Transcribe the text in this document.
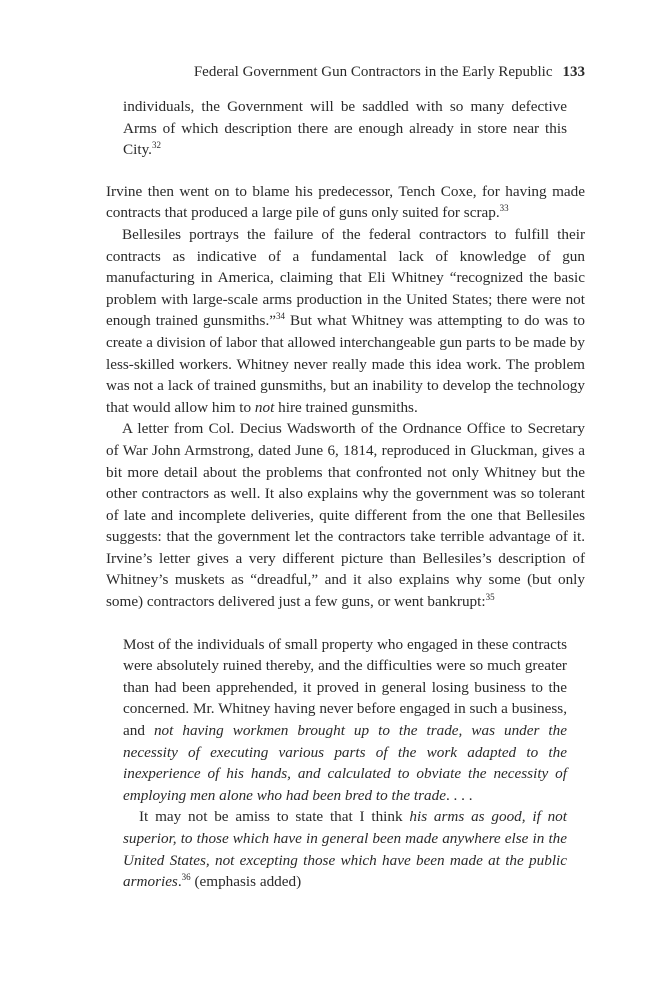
Federal Government Gun Contractors in the Early Republic 133

individuals, the Government will be saddled with so many defective Arms of which description there are enough already in store near this City.$^{32}$

Irvine then went on to blame his predecessor, Tench Coxe, for having made contracts that produced a large pile of guns only suited for scrap.$^{33}$

Bellesiles portrays the failure of the federal contractors to fulfill their contracts as indicative of a fundamental lack of knowledge of gun manufacturing in America, claiming that Eli Whitney “recognized the basic problem with large-scale arms production in the United States; there were not enough trained gunsmiths.”$^{34}$ But what Whitney was attempting to do was to create a division of labor that allowed interchangeable gun parts to be made by less-skilled workers. Whitney never really made this idea work. The problem was not a lack of trained gunsmiths, but an inability to develop the technology that would allow him to not hire trained gunsmiths.

A letter from Col. Decius Wadsworth of the Ordnance Office to Secretary of War John Armstrong, dated June 6, 1814, reproduced in Gluckman, gives a bit more detail about the problems that confronted not only Whitney but the other contractors as well. It also explains why the government was so tolerant of late and incomplete deliveries, quite different from the one that Bellesiles suggests: that the government let the contractors take terrible advantage of it. Irvine’s letter gives a very different picture than Bellesiles’s description of Whitney’s muskets as “dreadful,” and it also explains why some (but only some) contractors delivered just a few guns, or went bankrupt:$^{35}$

Most of the individuals of small property who engaged in these contracts were absolutely ruined thereby, and the difficulties were so much greater than had been apprehended, it proved in general losing business to the concerned. Mr. Whitney having never before engaged in such a business, and not having workmen brought up to the trade, was under the necessity of executing various parts of the work adapted to the inexperience of his hands, and calculated to obviate the necessity of employing men alone who had been bred to the trade. . . .

It may not be amiss to state that I think his arms as good, if not superior, to those which have in general been made anywhere else in the United States, not excepting those which have been made at the public armories.$^{36}$ (emphasis added)
